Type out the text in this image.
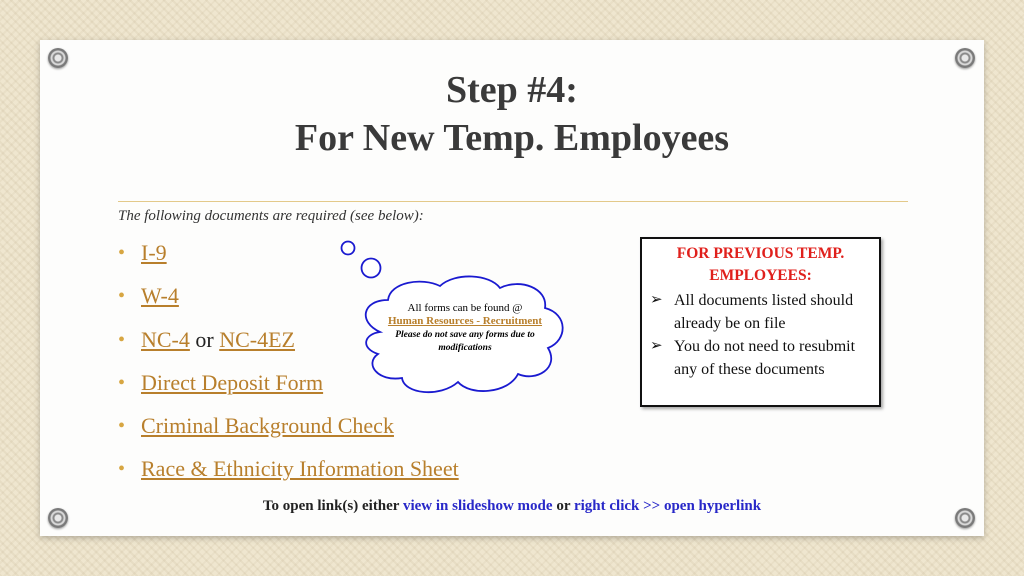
Step #4:
For New Temp. Employees
The following documents are required (see below):
• I-9
• W-4
• NC-4 or NC-4EZ
• Direct Deposit Form
• Criminal Background Check
• Race & Ethnicity Information Sheet
All forms can be found @
Human Resources - Recruitment
Please do not save any forms due to modifications
FOR PREVIOUS TEMP. EMPLOYEES:
➢ All documents listed should already be on file
➢ You do not need to resubmit any of these documents
To open link(s) either view in slideshow mode or right click >> open hyperlink
